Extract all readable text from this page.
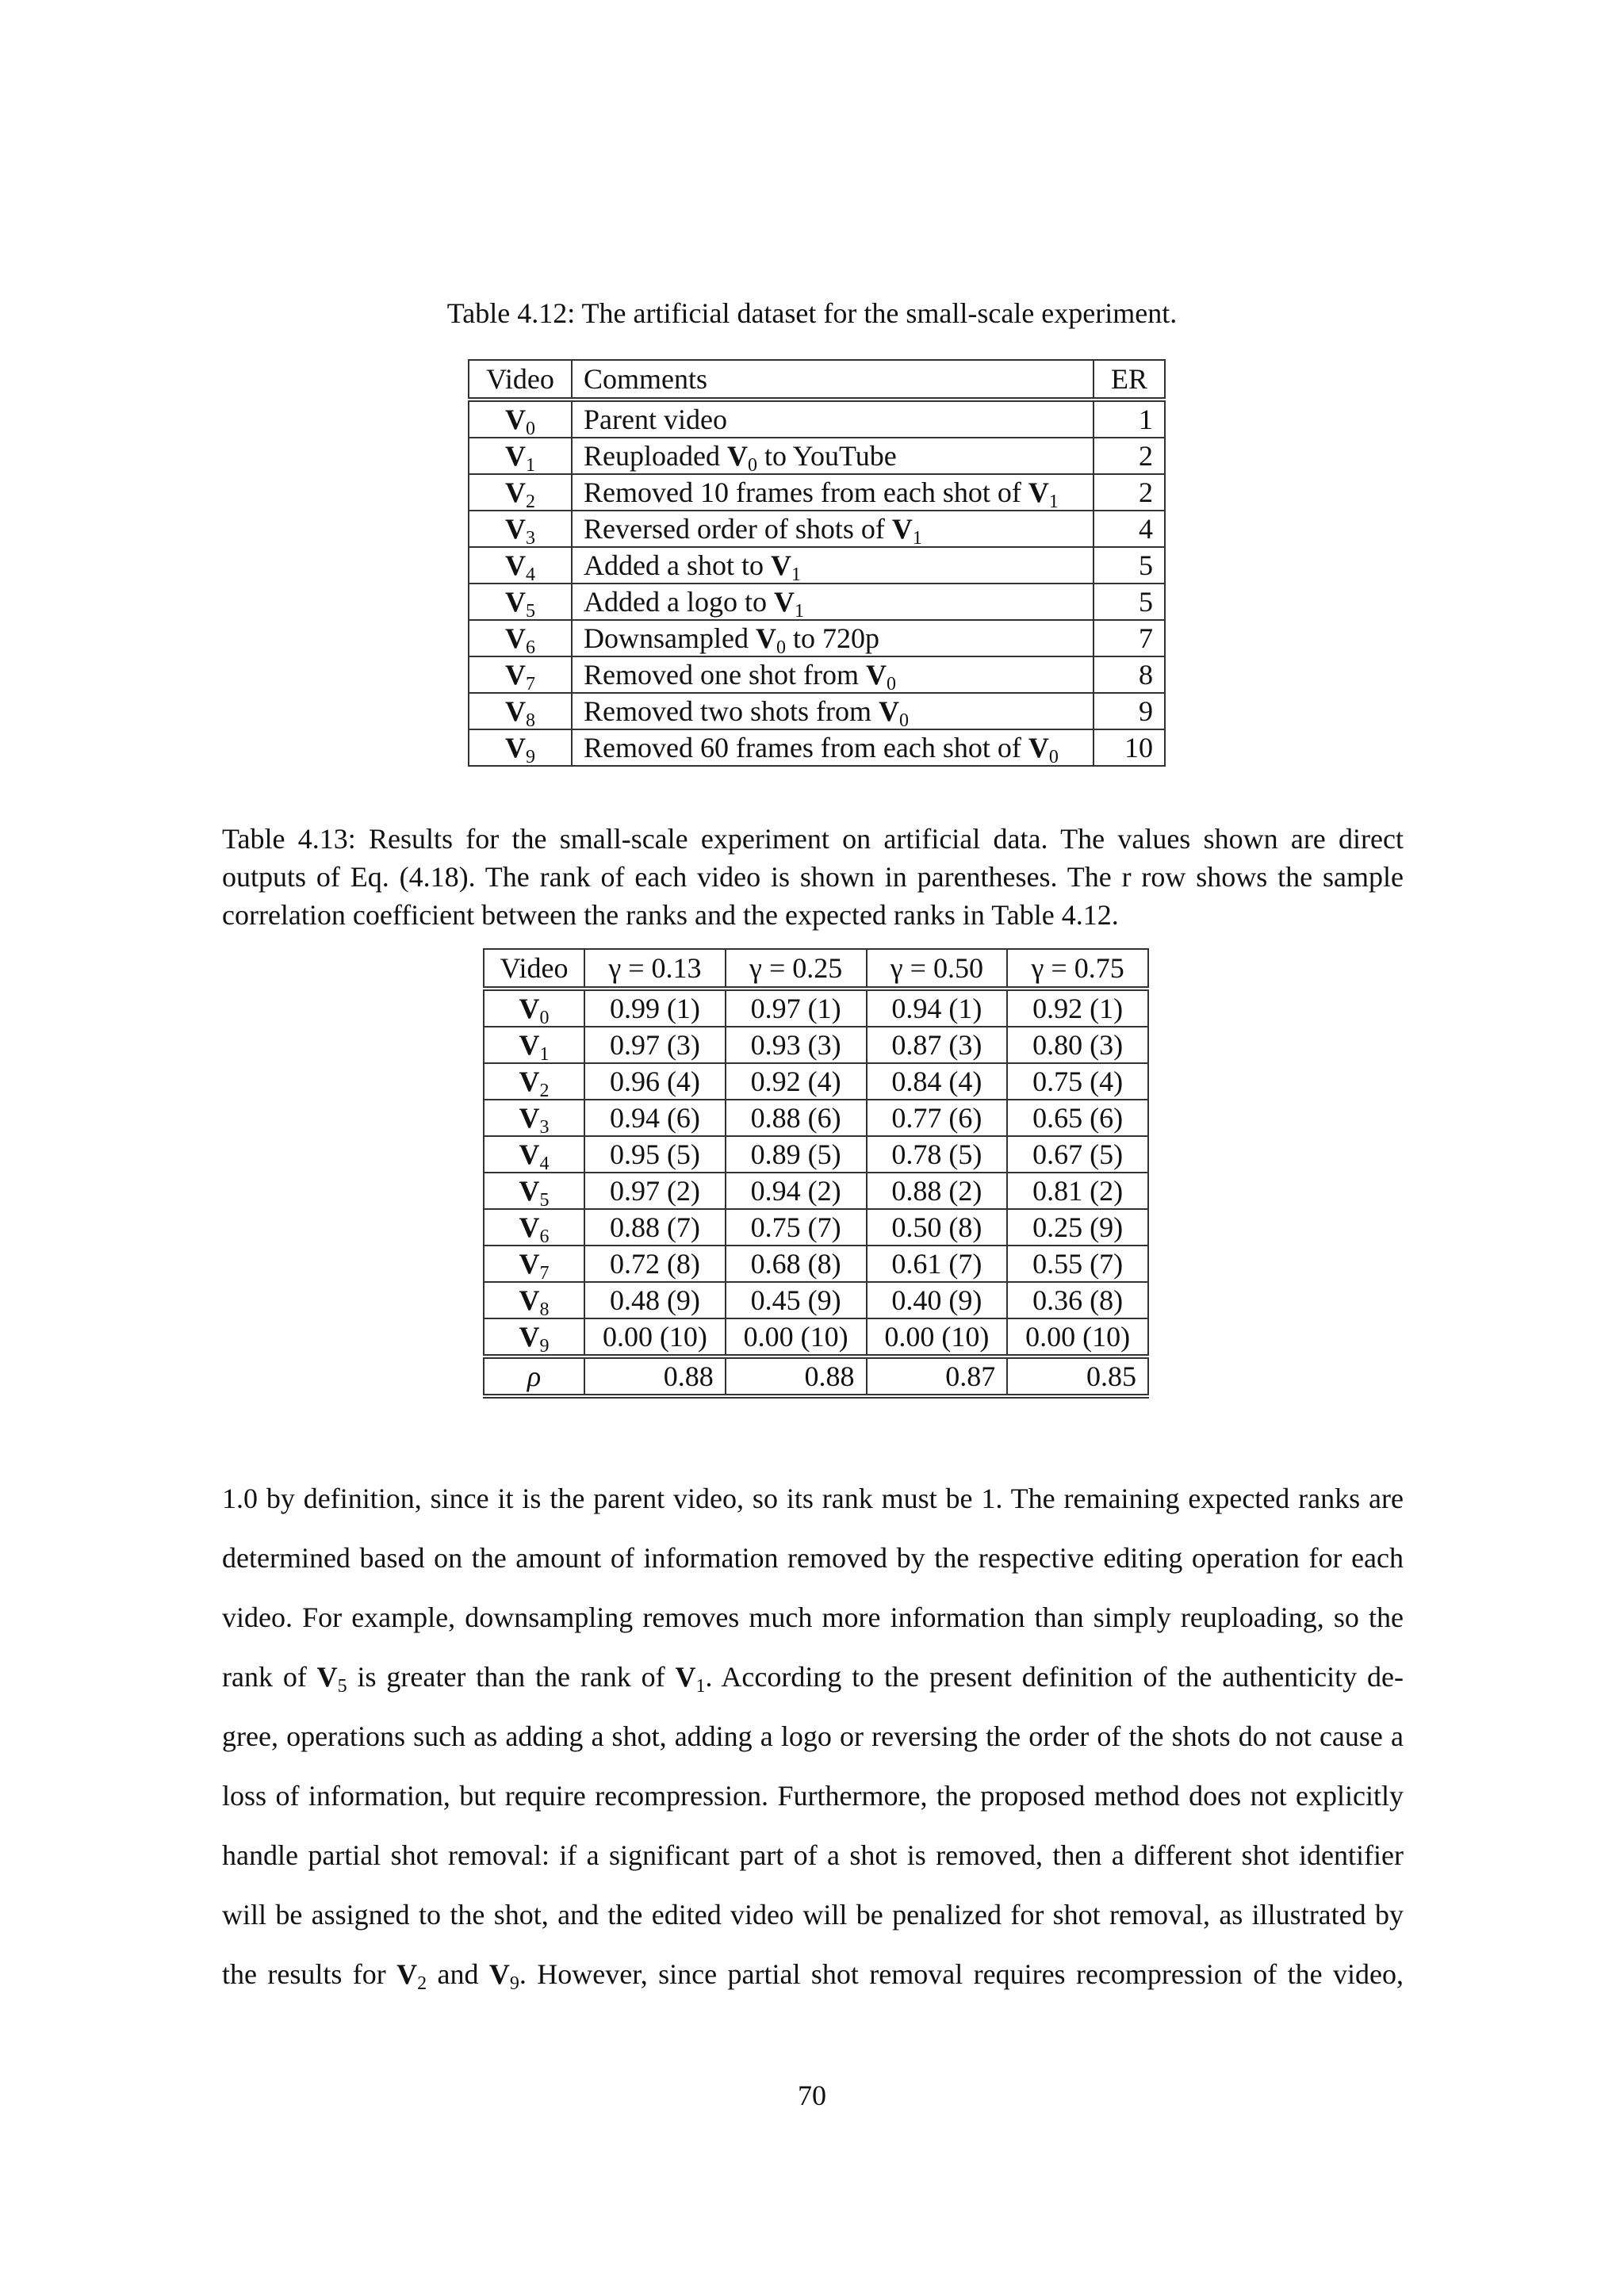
Table 4.12: The artificial dataset for the small-scale experiment.
Video	Comments	ER
$V_0$	Parent video	1
$V_1$	Reuploaded $V_0$ to YouTube	2
$V_2$	Removed 10 frames from each shot of $V_1$	2
$V_3$	Reversed order of shots of $V_1$	4
$V_4$	Added a shot to $V_1$	5
$V_5$	Added a logo to $V_1$	5
$V_6$	Downsampled $V_0$ to 720p	7
$V_7$	Removed one shot from $V_0$	8
$V_8$	Removed two shots from $V_0$	9
$V_9$	Removed 60 frames from each shot of $V_0$	10
Table 4.13: Results for the small-scale experiment on artificial data. The values shown are direct outputs of Eq. (4.18). The rank of each video is shown in parentheses. The r row shows the sample correlation coefficient between the ranks and the expected ranks in Table 4.12.
Video	γ = 0.13	γ = 0.25	γ = 0.50	γ = 0.75
$V_0$	0.99 (1)	0.97 (1)	0.94 (1)	0.92 (1)
$V_1$	0.97 (3)	0.93 (3)	0.87 (3)	0.80 (3)
$V_2$	0.96 (4)	0.92 (4)	0.84 (4)	0.75 (4)
$V_3$	0.94 (6)	0.88 (6)	0.77 (6)	0.65 (6)
$V_4$	0.95 (5)	0.89 (5)	0.78 (5)	0.67 (5)
$V_5$	0.97 (2)	0.94 (2)	0.88 (2)	0.81 (2)
$V_6$	0.88 (7)	0.75 (7)	0.50 (8)	0.25 (9)
$V_7$	0.72 (8)	0.68 (8)	0.61 (7)	0.55 (7)
$V_8$	0.48 (9)	0.45 (9)	0.40 (9)	0.36 (8)
$V_9$	0.00 (10)	0.00 (10)	0.00 (10)	0.00 (10)
ρ	0.88	0.88	0.87	0.85
1.0 by definition, since it is the parent video, so its rank must be 1. The remaining expected ranks are
determined based on the amount of information removed by the respective editing operation for each
video. For example, downsampling removes much more information than simply reuploading, so the
rank of $V_5$ is greater than the rank of $V_1$. According to the present definition of the authenticity de-
gree, operations such as adding a shot, adding a logo or reversing the order of the shots do not cause a
loss of information, but require recompression. Furthermore, the proposed method does not explicitly
handle partial shot removal: if a significant part of a shot is removed, then a different shot identifier
will be assigned to the shot, and the edited video will be penalized for shot removal, as illustrated by
the results for $V_2$ and $V_9$. However, since partial shot removal requires recompression of the video,
70
